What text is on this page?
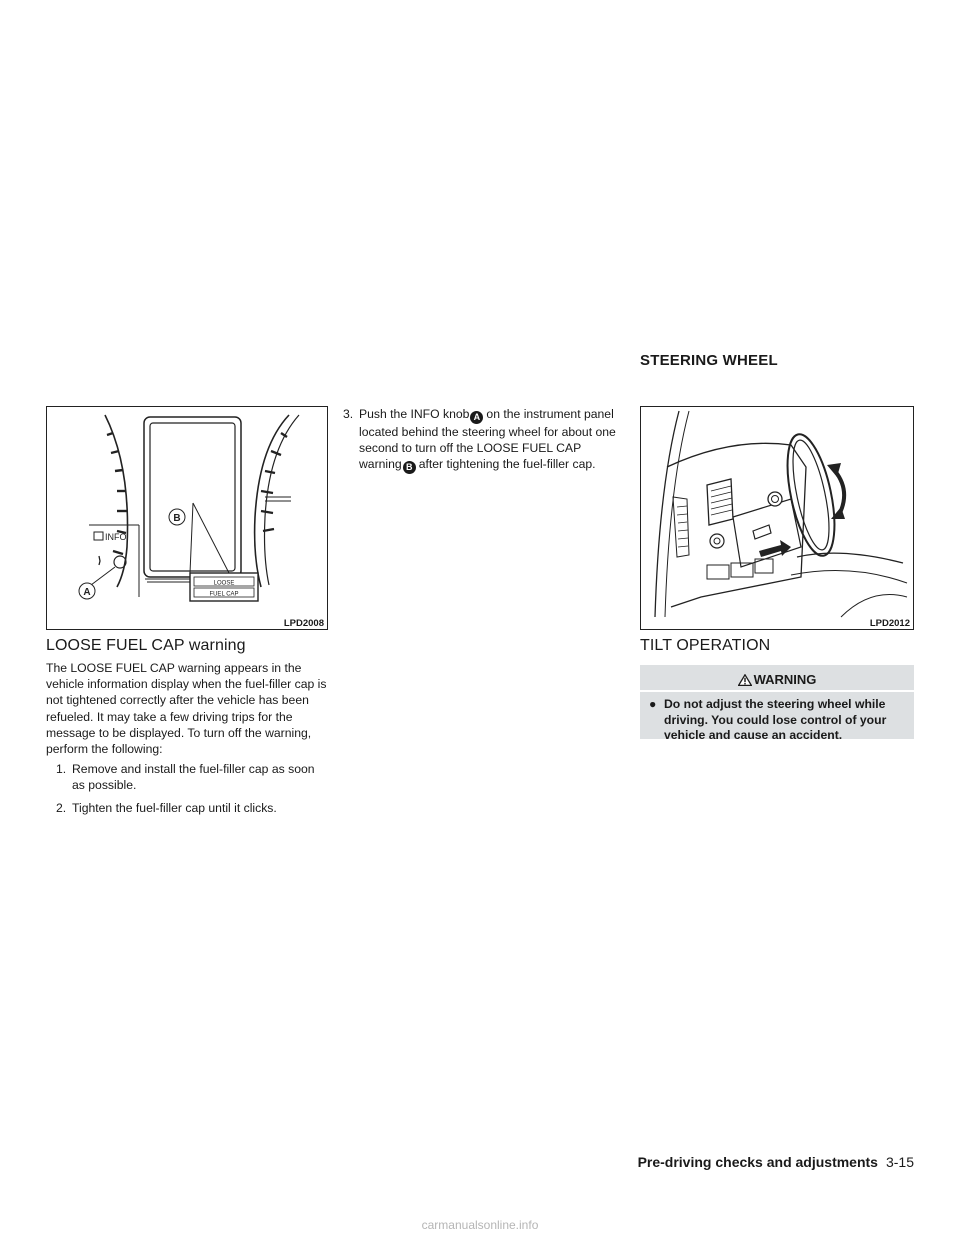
STEERING WHEEL
INFO
A
B
LOOSE
FUEL CAP
LPD2008
LOOSE FUEL CAP warning
The LOOSE FUEL CAP warning appears in the vehicle information display when the fuel-filler cap is not tightened correctly after the vehicle has been refueled. It may take a few driving trips for the message to be displayed. To turn off the warning, perform the following:
1. Remove and install the fuel-filler cap as soon as possible.
2. Tighten the fuel-filler cap until it clicks.
3. Push the INFO knob A on the instrument panel located behind the steering wheel for about one second to turn off the LOOSE FUEL CAP warning B after tightening the fuel-filler cap.
LPD2012
TILT OPERATION
WARNING
● Do not adjust the steering wheel while driving. You could lose control of your vehicle and cause an accident.
Pre-driving checks and adjustments 3-15
carmanualsonline.info
